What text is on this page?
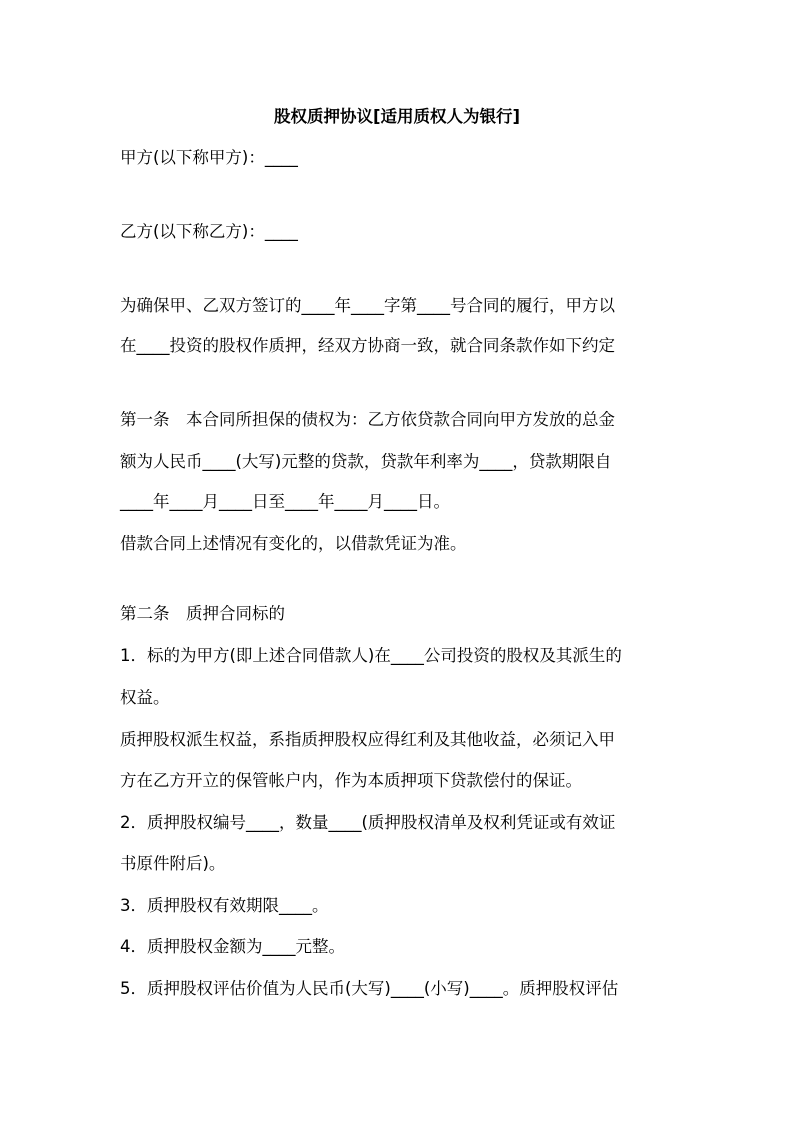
股权质押协议[适用质权人为银行]
甲方(以下称甲方)：____
乙方(以下称乙方)：____
为确保甲、乙双方签订的____年____字第____号合同的履行，甲方以
在____投资的股权作质押，经双方协商一致，就合同条款作如下约定
第一条　本合同所担保的债权为：乙方依贷款合同向甲方发放的总金
额为人民币____(大写)元整的贷款，贷款年利率为____，贷款期限自
____年____月____日至____年____月____日。
借款合同上述情况有变化的，以借款凭证为准。
第二条　质押合同标的
1．标的为甲方(即上述合同借款人)在____公司投资的股权及其派生的
权益。
质押股权派生权益，系指质押股权应得红利及其他收益，必须记入甲
方在乙方开立的保管帐户内，作为本质押项下贷款偿付的保证。
2．质押股权编号____，数量____(质押股权清单及权利凭证或有效证
书原件附后)。
3．质押股权有效期限____。
4．质押股权金额为____元整。
5．质押股权评估价值为人民币(大写)____(小写)____。质押股权评估
